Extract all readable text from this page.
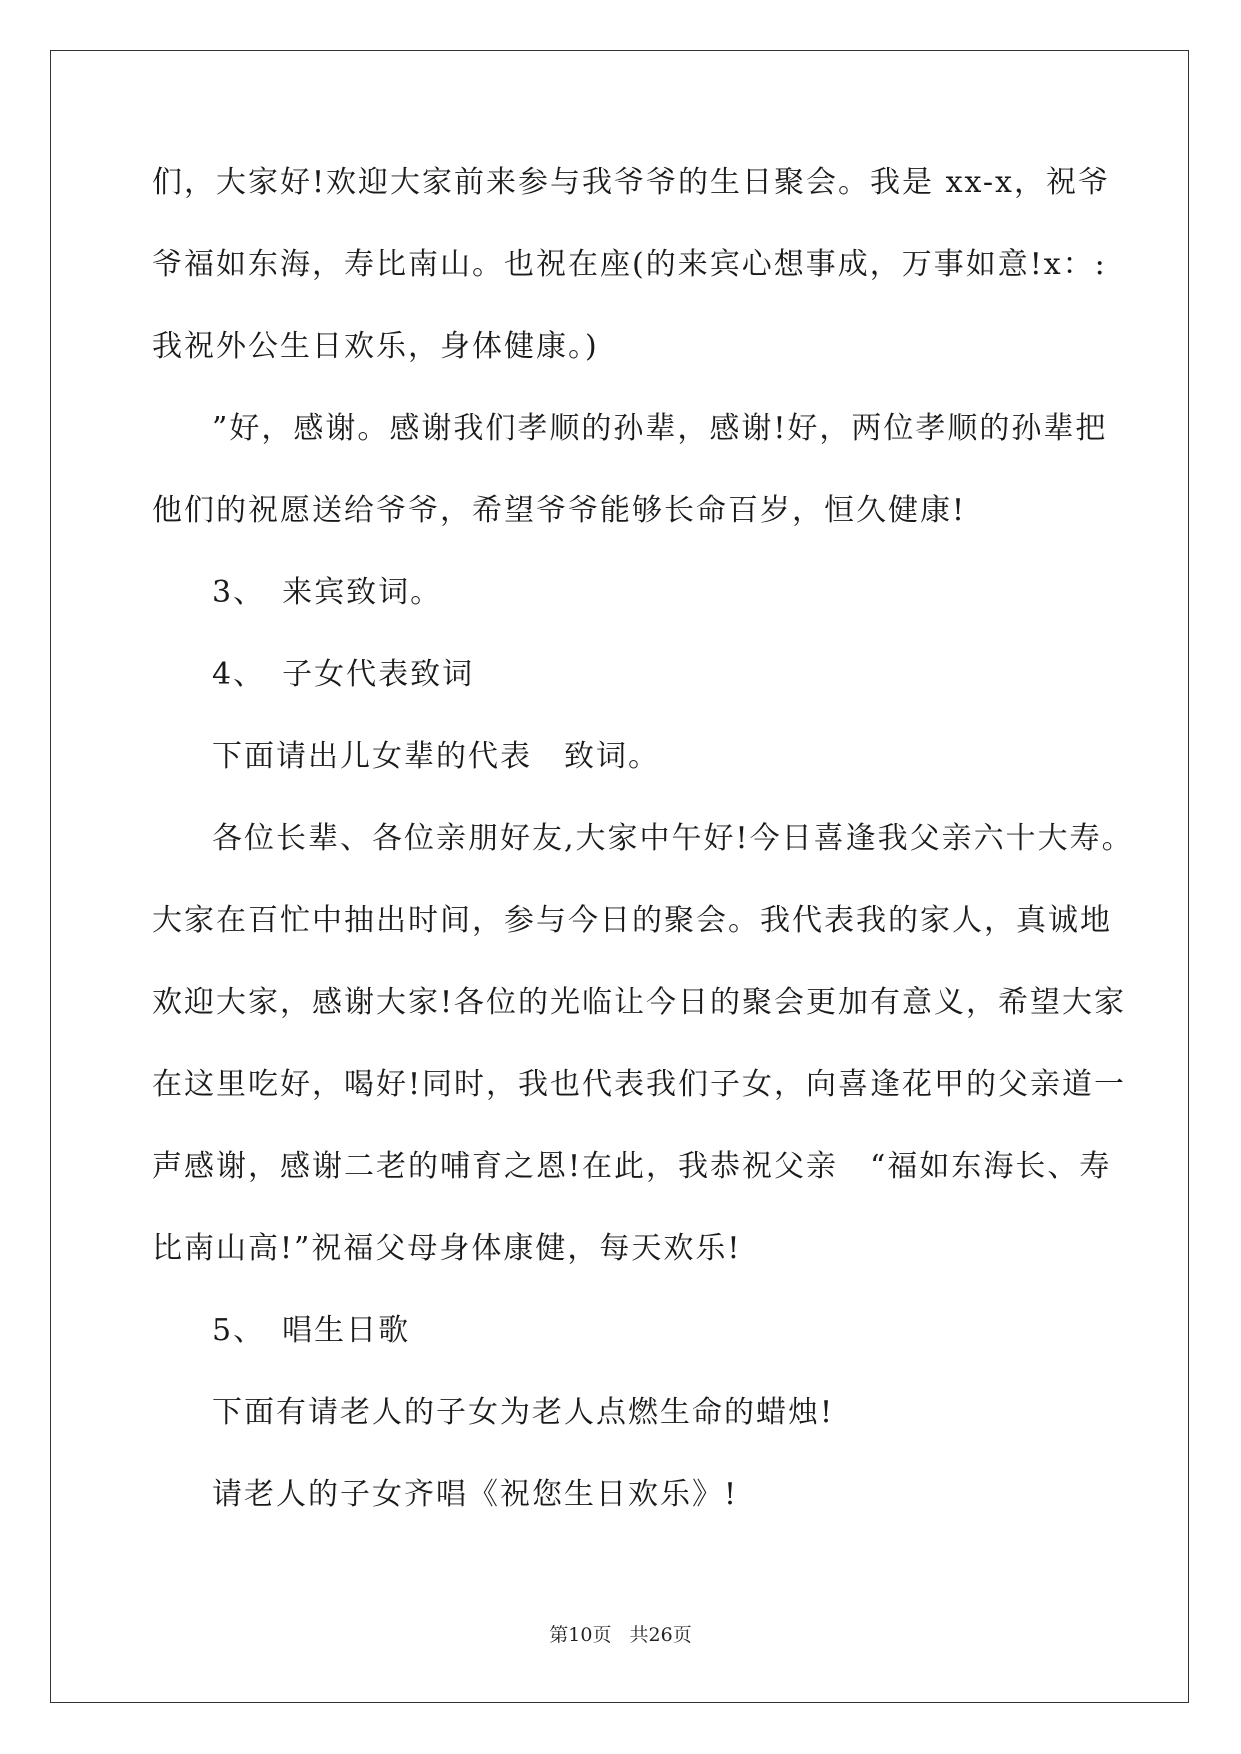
们，大家好!欢迎大家前来参与我爷爷的生日聚会。我是 xx-x，祝爷
爷福如东海，寿比南山。也祝在座(的来宾心想事成，万事如意!x：:
我祝外公生日欢乐，身体健康。)
”好，感谢。感谢我们孝顺的孙辈，感谢!好，两位孝顺的孙辈把
他们的祝愿送给爷爷，希望爷爷能够长命百岁，恒久健康!
3、　来宾致词。
4、　子女代表致词
下面请出儿女辈的代表　致词。
各位长辈、各位亲朋好友,大家中午好!今日喜逢我父亲六十大寿。
大家在百忙中抽出时间，参与今日的聚会。我代表我的家人，真诚地
欢迎大家，感谢大家!各位的光临让今日的聚会更加有意义，希望大家
在这里吃好，喝好!同时，我也代表我们子女，向喜逢花甲的父亲道一
声感谢，感谢二老的哺育之恩!在此，我恭祝父亲　“福如东海长、寿
比南山高!”祝福父母身体康健，每天欢乐!
5、　唱生日歌
下面有请老人的子女为老人点燃生命的蜡烛!
请老人的子女齐唱《祝您生日欢乐》!
第10页 共26页
